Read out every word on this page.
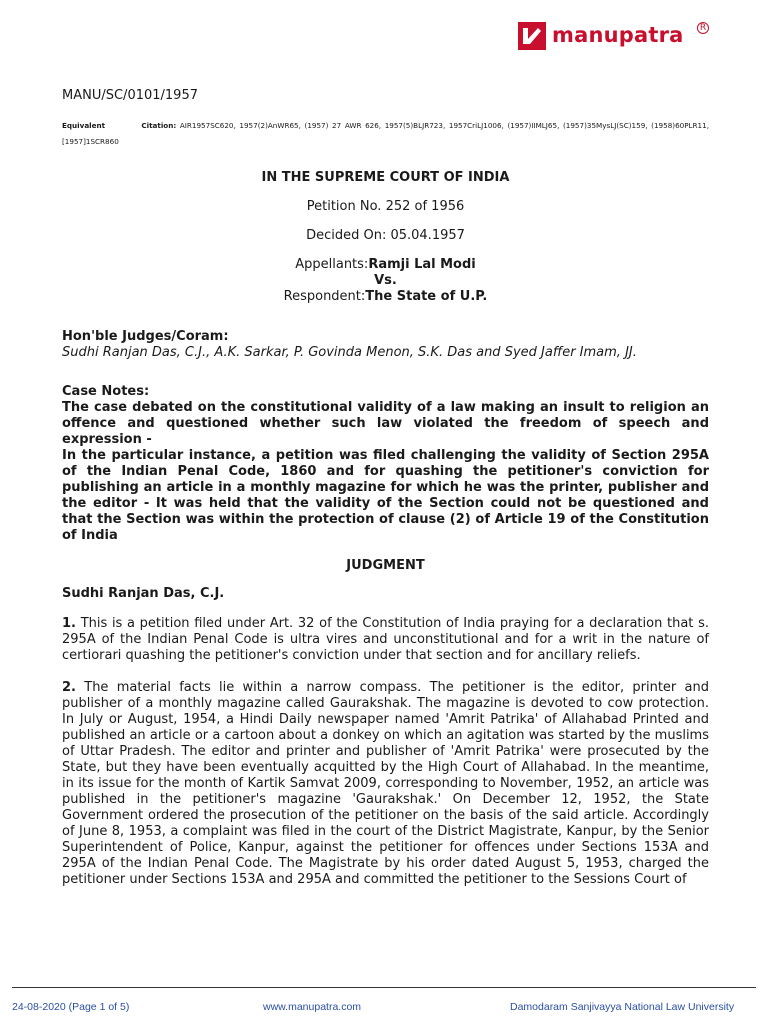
manupatra	R

MANU/SC/0101/1957

Equivalent	Citation: AIR1957SC620, 1957(2)AnWR65, (1957) 27 AWR 626, 1957(5)BLJR723, 1957CriLJ1006, (1957)IIMLJ65, (1957)35MysLJ(SC)159, (1958)60PLR11, [1957]1SCR860

IN THE SUPREME COURT OF INDIA

Petition No. 252 of 1956

Decided On: 05.04.1957

Appellants:Ramji Lal Modi
Vs.
Respondent:The State of U.P.

Hon'ble Judges/Coram:

Sudhi Ranjan Das, C.J., A.K. Sarkar, P. Govinda Menon, S.K. Das and Syed Jaffer Imam, JJ.

Case Notes:

The case debated on the constitutional validity of a law making an insult to religion an offence and questioned whether such law violated the freedom of speech and expression -
In the particular instance, a petition was filed challenging the validity of Section 295A of the Indian Penal Code, 1860 and for quashing the petitioner's conviction for publishing an article in a monthly magazine for which he was the printer, publisher and the editor - It was held that the validity of the Section could not be questioned and that the Section was within the protection of clause (2) of Article 19 of the Constitution of India

JUDGMENT

Sudhi Ranjan Das, C.J.

1. This is a petition filed under Art. 32 of the Constitution of India praying for a declaration that s. 295A of the Indian Penal Code is ultra vires and unconstitutional and for a writ in the nature of certiorari quashing the petitioner's conviction under that section and for ancillary reliefs.

2. The material facts lie within a narrow compass. The petitioner is the editor, printer and publisher of a monthly magazine called Gaurakshak. The magazine is devoted to cow protection. In July or August, 1954, a Hindi Daily newspaper named 'Amrit Patrika' of Allahabad Printed and published an article or a cartoon about a donkey on which an agitation was started by the muslims of Uttar Pradesh. The editor and printer and publisher of 'Amrit Patrika' were prosecuted by the State, but they have been eventually acquitted by the High Court of Allahabad. In the meantime, in its issue for the month of Kartik Samvat 2009, corresponding to November, 1952, an article was published in the petitioner's magazine 'Gaurakshak.' On December 12, 1952, the State Government ordered the prosecution of the petitioner on the basis of the said article. Accordingly of June 8, 1953, a complaint was filed in the court of the District Magistrate, Kanpur, by the Senior Superintendent of Police, Kanpur, against the petitioner for offences under Sections 153A and 295A of the Indian Penal Code. The Magistrate by his order dated August 5, 1953, charged the petitioner under Sections 153A and 295A and committed the petitioner to the Sessions Court of

24-08-2020 (Page 1 of 5)	www.manupatra.com	Damodaram Sanjivayya National Law University
